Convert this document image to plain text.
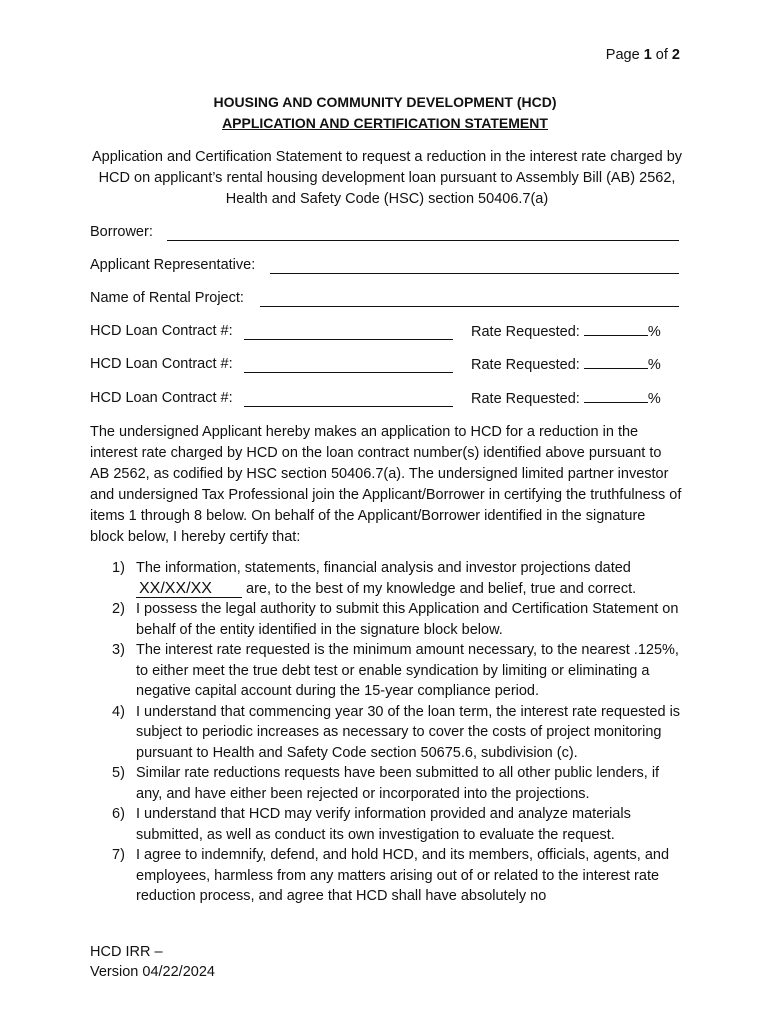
Page 1 of 2
HOUSING AND COMMUNITY DEVELOPMENT (HCD)
APPLICATION AND CERTIFICATION STATEMENT
Application and Certification Statement to request a reduction in the interest rate charged by HCD on applicant’s rental housing development loan pursuant to Assembly Bill (AB) 2562, Health and Safety Code (HSC) section 50406.7(a)
Borrower:
Applicant Representative:
Name of Rental Project:
HCD Loan Contract #:	Rate Requested:	%
HCD Loan Contract #:	Rate Requested:	%
HCD Loan Contract #:	Rate Requested:	%
The undersigned Applicant hereby makes an application to HCD for a reduction in the interest rate charged by HCD on the loan contract number(s) identified above pursuant to AB 2562, as codified by HSC section 50406.7(a). The undersigned limited partner investor and undersigned Tax Professional join the Applicant/Borrower in certifying the truthfulness of items 1 through 8 below. On behalf of the Applicant/Borrower identified in the signature block below, I hereby certify that:
1) The information, statements, financial analysis and investor projections dated XX/XX/XX are, to the best of my knowledge and belief, true and correct.
2) I possess the legal authority to submit this Application and Certification Statement on behalf of the entity identified in the signature block below.
3) The interest rate requested is the minimum amount necessary, to the nearest .125%, to either meet the true debt test or enable syndication by limiting or eliminating a negative capital account during the 15-year compliance period.
4) I understand that commencing year 30 of the loan term, the interest rate requested is subject to periodic increases as necessary to cover the costs of project monitoring pursuant to Health and Safety Code section 50675.6, subdivision (c).
5) Similar rate reductions requests have been submitted to all other public lenders, if any, and have either been rejected or incorporated into the projections.
6) I understand that HCD may verify information provided and analyze materials submitted, as well as conduct its own investigation to evaluate the request.
7) I agree to indemnify, defend, and hold HCD, and its members, officials, agents, and employees, harmless from any matters arising out of or related to the interest rate reduction process, and agree that HCD shall have absolutely no
HCD IRR –
Version 04/22/2024
